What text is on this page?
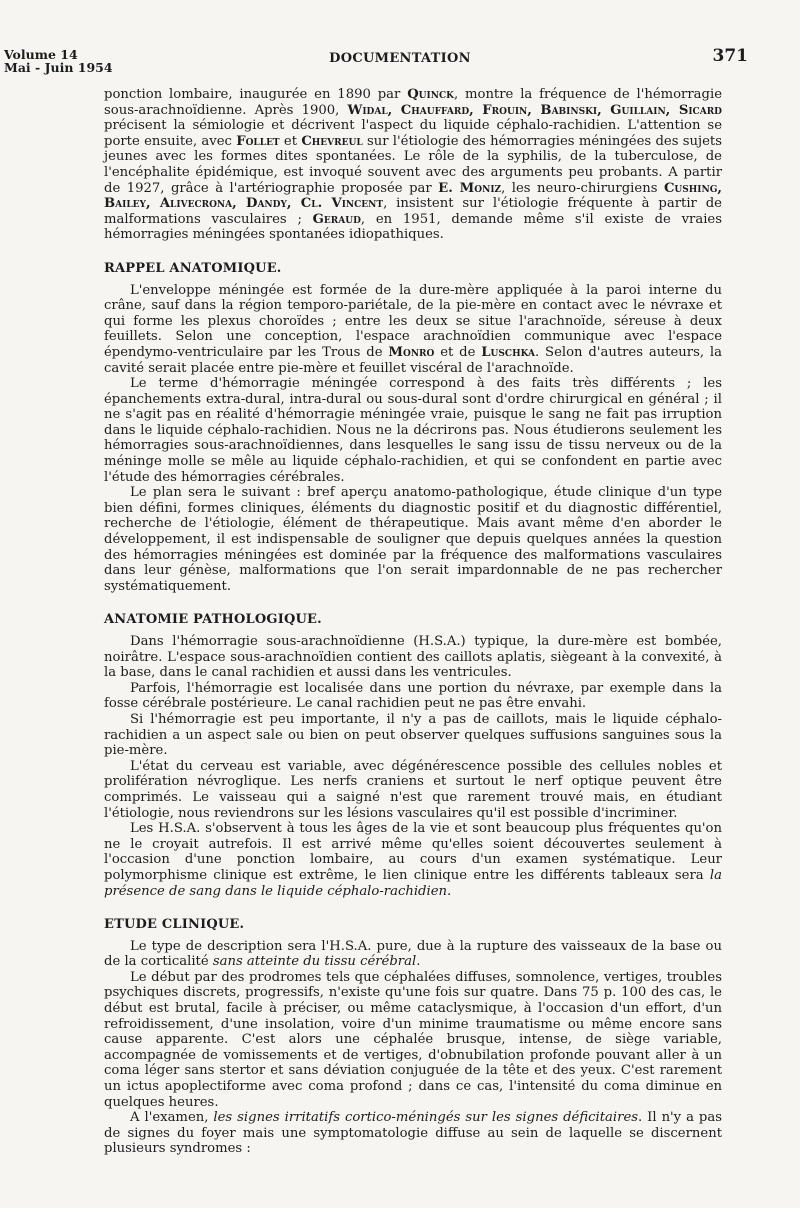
Volume 14
Mai - Juin 1954
DOCUMENTATION	371

ponction lombaire, inaugurée en 1890 par Quinck, montre la fréquence de l'hémorragie sous-arachnoïdienne. Après 1900, Widal, Chauffard, Frouin, Babinski, Guillain, Sicard précisent la sémiologie et décrivent l'aspect du liquide céphalo-rachidien. L'attention se porte ensuite, avec Follet et Chevreul sur l'étiologie des hémorragies méningées des sujets jeunes avec les formes dites spontanées. Le rôle de la syphilis, de la tuberculose, de l'encéphalite épidémique, est invoqué souvent avec des arguments peu probants. A partir de 1927, grâce à l'artériographie proposée par E. Moniz, les neuro-chirurgiens Cushing, Bailey, Alivecrona, Dandy, Cl. Vincent, insistent sur l'étiologie fréquente à partir de malformations vasculaires ; Geraud, en 1951, demande même s'il existe de vraies hémorragies méningées spontanées idiopathiques.

RAPPEL ANATOMIQUE.

L'enveloppe méningée est formée de la dure-mère appliquée à la paroi interne du crâne, sauf dans la région temporo-pariétale, de la pie-mère en contact avec le névraxe et qui forme les plexus choroïdes ; entre les deux se situe l'arachnoïde, séreuse à deux feuillets. Selon une conception, l'espace arachnoïdien communique avec l'espace épendymo-ventriculaire par les Trous de Monro et de Luschka. Selon d'autres auteurs, la cavité serait placée entre pie-mère et feuillet viscéral de l'arachnoïde.

Le terme d'hémorragie méningée correspond à des faits très différents ; les épanchements extra-dural, intra-dural ou sous-dural sont d'ordre chirurgical en général ; il ne s'agit pas en réalité d'hémorragie méningée vraie, puisque le sang ne fait pas irruption dans le liquide céphalo-rachidien. Nous ne la décrirons pas. Nous étudierons seulement les hémorragies sous-arachnoïdiennes, dans lesquelles le sang issu de tissu nerveux ou de la méninge molle se mêle au liquide céphalo-rachidien, et qui se confondent en partie avec l'étude des hémorragies cérébrales.

Le plan sera le suivant : bref aperçu anatomo-pathologique, étude clinique d'un type bien défini, formes cliniques, éléments du diagnostic positif et du diagnostic différentiel, recherche de l'étiologie, élément de thérapeutique. Mais avant même d'en aborder le développement, il est indispensable de souligner que depuis quelques années la question des hémorragies méningées est dominée par la fréquence des malformations vasculaires dans leur génèse, malformations que l'on serait impardonnable de ne pas rechercher systématiquement.

ANATOMIE PATHOLOGIQUE.

Dans l'hémorragie sous-arachnoïdienne (H.S.A.) typique, la dure-mère est bombée, noirâtre. L'espace sous-arachnoïdien contient des caillots aplatis, siègeant à la convexité, à la base, dans le canal rachidien et aussi dans les ventricules.

Parfois, l'hémorragie est localisée dans une portion du névraxe, par exemple dans la fosse cérébrale postérieure. Le canal rachidien peut ne pas être envahi.

Si l'hémorragie est peu importante, il n'y a pas de caillots, mais le liquide céphalo-rachidien a un aspect sale ou bien on peut observer quelques suffusions sanguines sous la pie-mère.

L'état du cerveau est variable, avec dégénérescence possible des cellules nobles et prolifération névroglique. Les nerfs craniens et surtout le nerf optique peuvent être comprimés. Le vaisseau qui a saigné n'est que rarement trouvé mais, en étudiant l'étiologie, nous reviendrons sur les lésions vasculaires qu'il est possible d'incriminer.

Les H.S.A. s'observent à tous les âges de la vie et sont beaucoup plus fréquentes qu'on ne le croyait autrefois. Il est arrivé même qu'elles soient découvertes seulement à l'occasion d'une ponction lombaire, au cours d'un examen systématique. Leur polymorphisme clinique est extrême, le lien clinique entre les différents tableaux sera la présence de sang dans le liquide céphalo-rachidien.

ETUDE CLINIQUE.

Le type de description sera l'H.S.A. pure, due à la rupture des vaisseaux de la base ou de la corticalité sans atteinte du tissu cérébral.

Le début par des prodromes tels que céphalées diffuses, somnolence, vertiges, troubles psychiques discrets, progressifs, n'existe qu'une fois sur quatre. Dans 75 p. 100 des cas, le début est brutal, facile à préciser, ou même cataclysmique, à l'occasion d'un effort, d'un refroidissement, d'une insolation, voire d'un minime traumatisme ou même encore sans cause apparente. C'est alors une céphalée brusque, intense, de siège variable, accompagnée de vomissements et de vertiges, d'obnubilation profonde pouvant aller à un coma léger sans stertor et sans déviation conjuguée de la tête et des yeux. C'est rarement un ictus apoplectiforme avec coma profond ; dans ce cas, l'intensité du coma diminue en quelques heures.

A l'examen, les signes irritatifs cortico-méningés sur les signes déficitaires. Il n'y a pas de signes du foyer mais une symptomatologie diffuse au sein de laquelle se discernent plusieurs syndromes :
